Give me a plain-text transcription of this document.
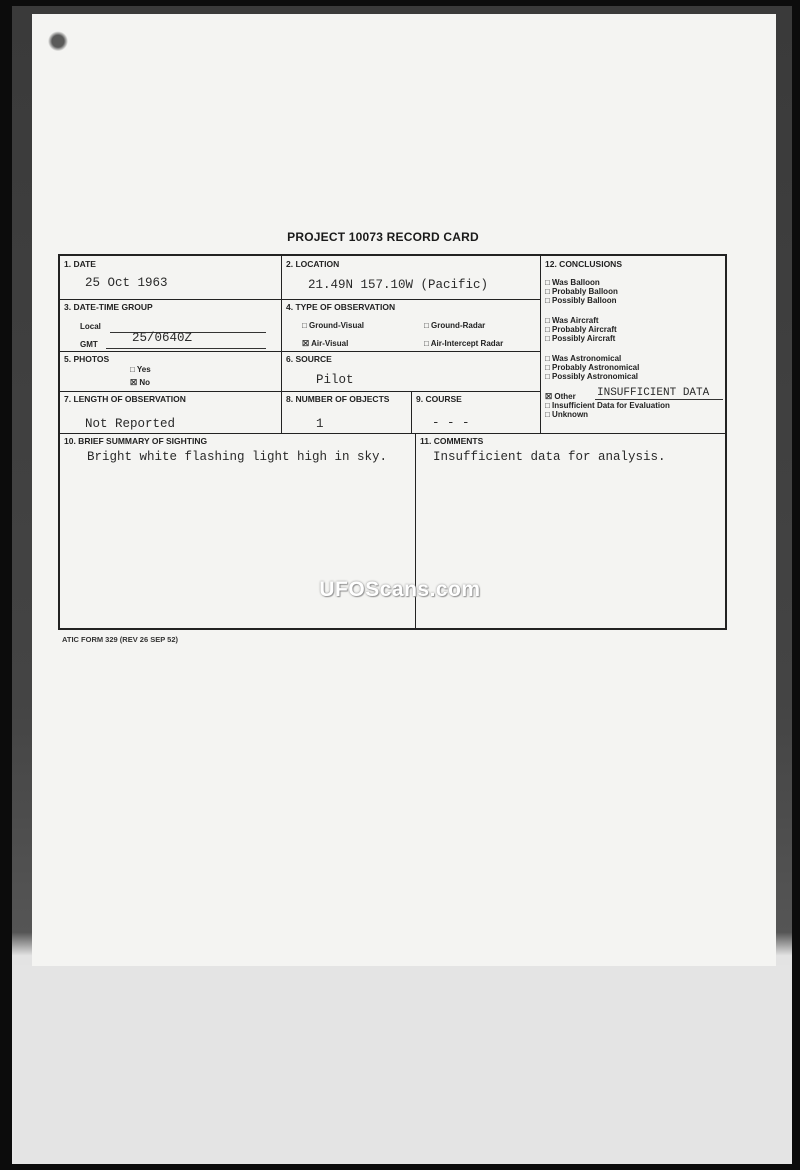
PROJECT 10073 RECORD CARD
1. DATE
25 Oct 1963
2. LOCATION
21.49N 157.10W (Pacific)
3. DATE-TIME GROUP
Local
GMT	25/0640Z
4. TYPE OF OBSERVATION
□ Ground-Visual	□ Ground-Radar
☒ Air-Visual	□ Air-Intercept Radar
5. PHOTOS
□ Yes
☒ No
6. SOURCE
Pilot
7. LENGTH OF OBSERVATION
Not Reported
8. NUMBER OF OBJECTS
1
9. COURSE
- - -
12. CONCLUSIONS
□ Was Balloon
□ Probably Balloon
□ Possibly Balloon
□ Was Aircraft
□ Probably Aircraft
□ Possibly Aircraft
□ Was Astronomical
□ Probably Astronomical
□ Possibly Astronomical
☒ Other INSUFFICIENT DATA
□ Insufficient Data for Evaluation
□ Unknown
10. BRIEF SUMMARY OF SIGHTING
Bright white flashing light high in sky.
11. COMMENTS
Insufficient data for analysis.
UFOScans.com
ATIC FORM 329 (REV 26 SEP 52)
